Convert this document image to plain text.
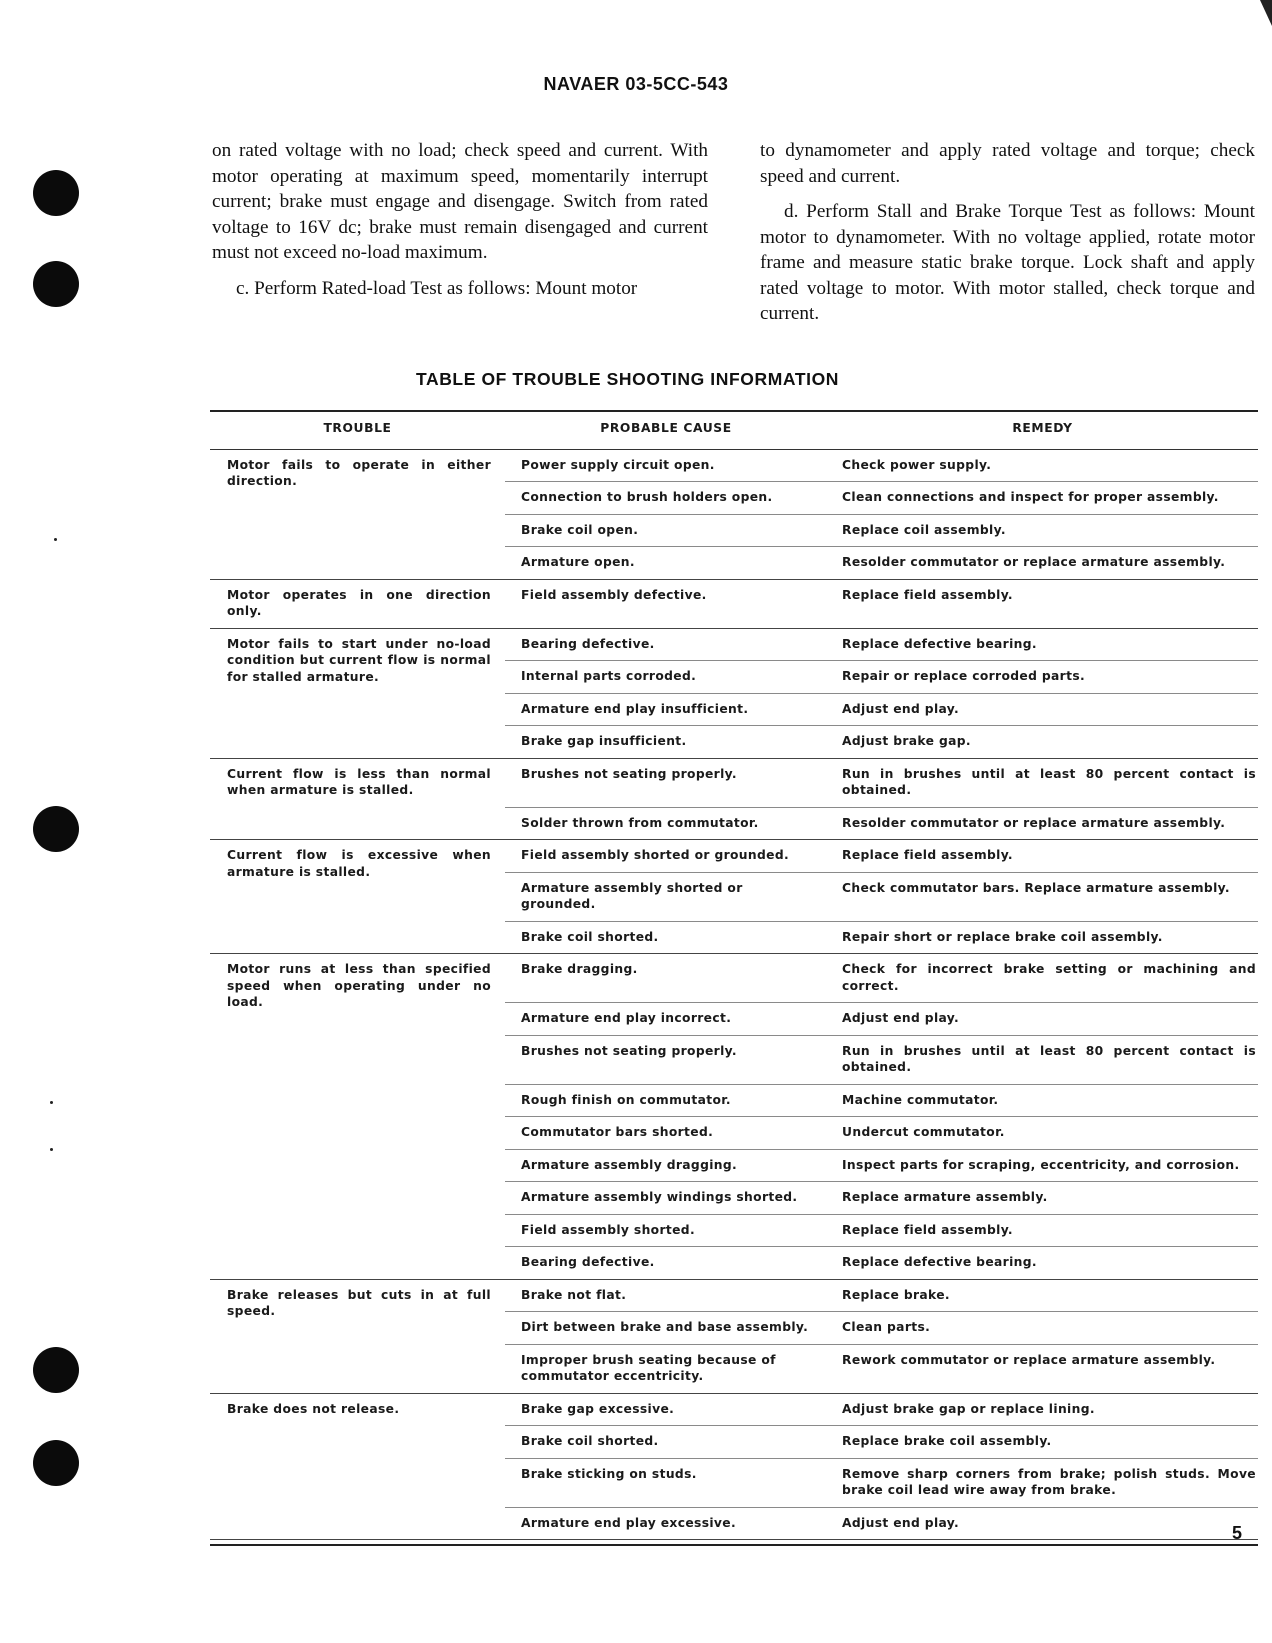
NAVAER 03-5CC-543

on rated voltage with no load; check speed and current. With motor operating at maximum speed, momentarily interrupt current; brake must engage and disengage. Switch from rated voltage to 16V dc; brake must remain disengaged and current must not exceed no-load maximum.

c. Perform Rated-load Test as follows: Mount motor

to dynamometer and apply rated voltage and torque; check speed and current.

d. Perform Stall and Brake Torque Test as follows: Mount motor to dynamometer. With no voltage applied, rotate motor frame and measure static brake torque. Lock shaft and apply rated voltage to motor. With motor stalled, check torque and current.

TABLE OF TROUBLE SHOOTING INFORMATION
TROUBLE	PROBABLE CAUSE	REMEDY
Motor fails to operate in either direction.	Power supply circuit open.	Check power supply.
	Connection to brush holders open.	Clean connections and inspect for proper assembly.
	Brake coil open.	Replace coil assembly.
	Armature open.	Resolder commutator or replace armature assembly.
Motor operates in one direction only.	Field assembly defective.	Replace field assembly.
Motor fails to start under no-load condition but current flow is normal for stalled armature.	Bearing defective.	Replace defective bearing.
	Internal parts corroded.	Repair or replace corroded parts.
	Armature end play insufficient.	Adjust end play.
	Brake gap insufficient.	Adjust brake gap.
Current flow is less than normal when armature is stalled.	Brushes not seating properly.	Run in brushes until at least 80 percent contact is obtained.
	Solder thrown from commutator.	Resolder commutator or replace armature assembly.
Current flow is excessive when armature is stalled.	Field assembly shorted or grounded.	Replace field assembly.
	Armature assembly shorted or grounded.	Check commutator bars. Replace armature assembly.
	Brake coil shorted.	Repair short or replace brake coil assembly.
Motor runs at less than specified speed when operating under no load.	Brake dragging.	Check for incorrect brake setting or machining and correct.
	Armature end play incorrect.	Adjust end play.
	Brushes not seating properly.	Run in brushes until at least 80 percent contact is obtained.
	Rough finish on commutator.	Machine commutator.
	Commutator bars shorted.	Undercut commutator.
	Armature assembly dragging.	Inspect parts for scraping, eccentricity, and corrosion.
	Armature assembly windings shorted.	Replace armature assembly.
	Field assembly shorted.	Replace field assembly.
	Bearing defective.	Replace defective bearing.
Brake releases but cuts in at full speed.	Brake not flat.	Replace brake.
	Dirt between brake and base assembly.	Clean parts.
	Improper brush seating because of commutator eccentricity.	Rework commutator or replace armature assembly.
Brake does not release.	Brake gap excessive.	Adjust brake gap or replace lining.
	Brake coil shorted.	Replace brake coil assembly.
	Brake sticking on studs.	Remove sharp corners from brake; polish studs. Move brake coil lead wire away from brake.
	Armature end play excessive.	Adjust end play.
5
